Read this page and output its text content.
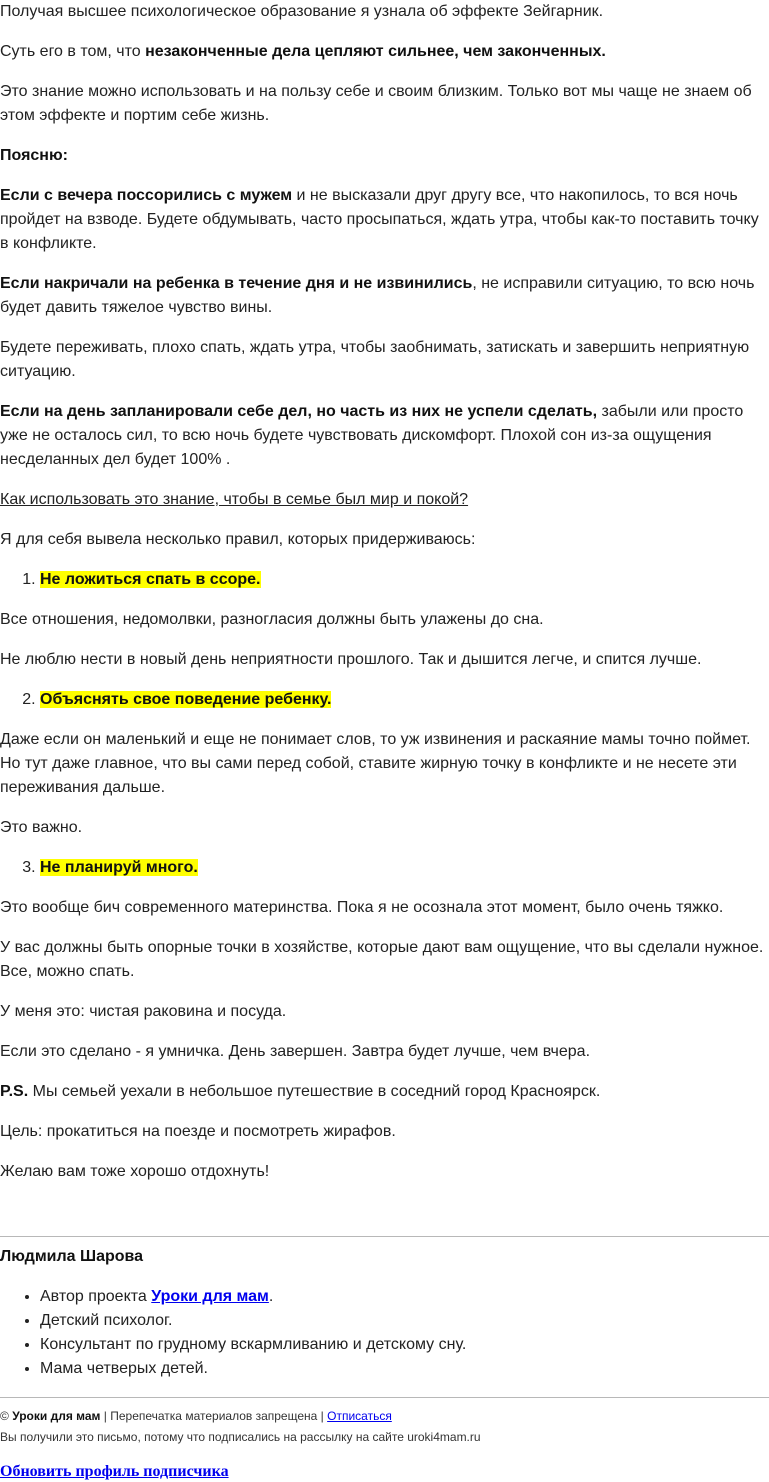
Получая высшее психологическое образование я узнала об эффекте Зейгарник.

Суть его в том, что незаконченные дела цепляют сильнее, чем законченных.

Это знание можно использовать и на пользу себе и своим близким. Только вот мы чаще не знаем об этом эффекте и портим себе жизнь.

Поясню:

Если с вечера поссорились с мужем и не высказали друг другу все, что накопилось, то вся ночь пройдет на взводе. Будете обдумывать, часто просыпаться, ждать утра, чтобы как-то поставить точку в конфликте.

Если накричали на ребенка в течение дня и не извинились, не исправили ситуацию, то всю ночь будет давить тяжелое чувство вины.

Будете переживать, плохо спать, ждать утра, чтобы заобнимать, затискать и завершить неприятную ситуацию.

Если на день запланировали себе дел, но часть из них не успели сделать, забыли или просто уже не осталось сил, то всю ночь будете чувствовать дискомфорт. Плохой сон из-за ощущения несделанных дел будет 100% .

Как использовать это знание, чтобы в семье был мир и покой?

Я для себя вывела несколько правил, которых придерживаюсь:

1. Не ложиться спать в ссоре.

Все отношения, недомолвки, разногласия должны быть улажены до сна.

Не люблю нести в новый день неприятности прошлого. Так и дышится легче, и спится лучше.

2. Объяснять свое поведение ребенку.

Даже если он маленький и еще не понимает слов, то уж извинения и раскаяние мамы точно поймет. Но тут даже главное, что вы сами перед собой, ставите жирную точку в конфликте и не несете эти переживания дальше.

Это важно.

3. Не планируй много.

Это вообще бич современного материнства. Пока я не осознала этот момент, было очень тяжко.

У вас должны быть опорные точки в хозяйстве, которые дают вам ощущение, что вы сделали нужное. Все, можно спать.

У меня это: чистая раковина и посуда.

Если это сделано - я умничка. День завершен. Завтра будет лучше, чем вчера.

P.S. Мы семьей уехали в небольшое путешествие в соседний город Красноярск.

Цель: прокатиться на поезде и посмотреть жирафов.

Желаю вам тоже хорошо отдохнуть!

Людмила Шарова
• Автор проекта Уроки для мам.
• Детский психолог.
• Консультант по грудному вскармливанию и детскому сну.
• Мама четверых детей.
© Уроки для мам | Перепечатка материалов запрещена | Отписаться
Вы получили это письмо, потому что подписались на рассылку на сайте uroki4mam.ru
Обновить профиль подписчика
